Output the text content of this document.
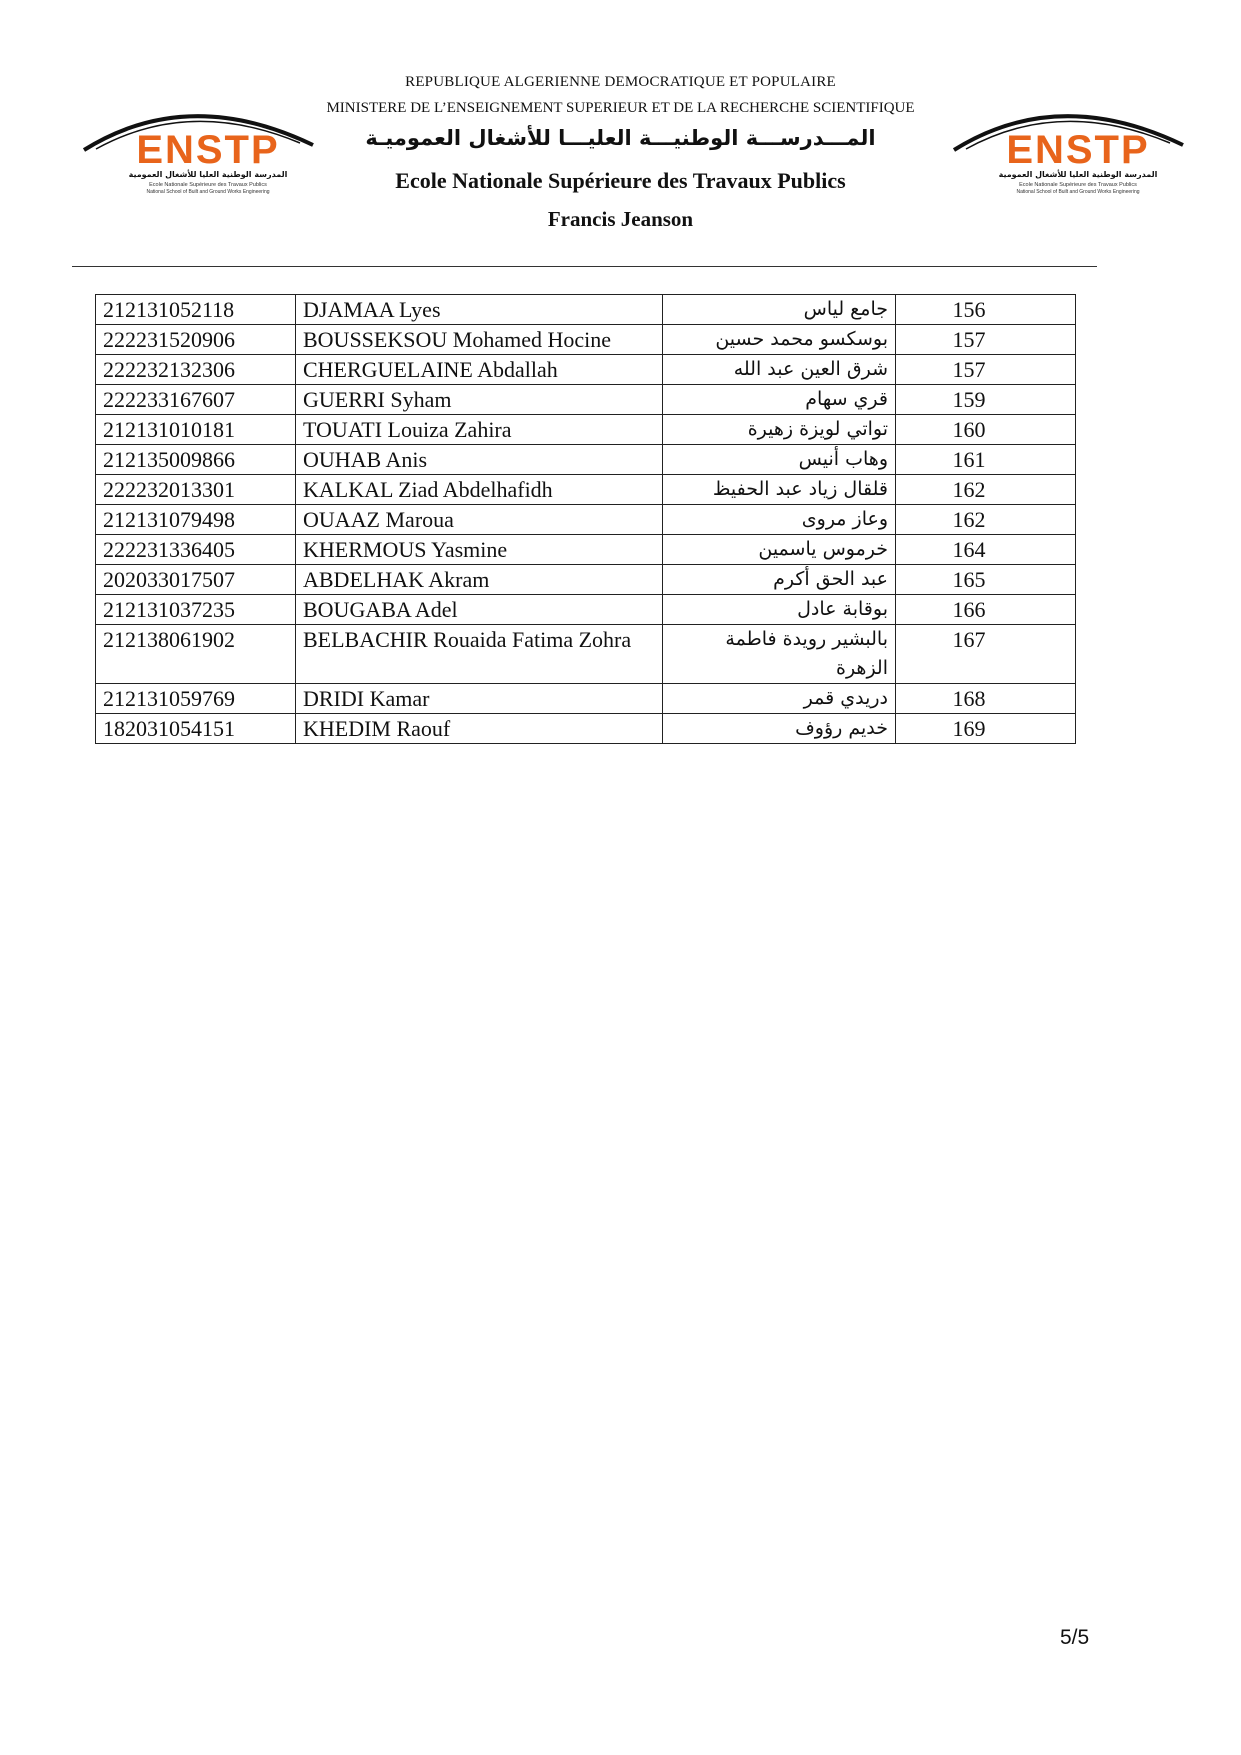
ENSTP
المدرسة الوطنية العليا للأشغال العمومية
Ecole Nationale Supérieure des Travaux Publics
National School of Built and Ground Works Engineering
ENSTP
المدرسة الوطنية العليا للأشغال العمومية
Ecole Nationale Supérieure des Travaux Publics
National School of Built and Ground Works Engineering
REPUBLIQUE ALGERIENNE DEMOCRATIQUE ET POPULAIRE
MINISTERE DE L’ENSEIGNEMENT SUPERIEUR ET DE LA RECHERCHE SCIENTIFIQUE
المـــدرســـة الوطنيـــة العليـــا للأشغال العموميـة
Ecole Nationale Supérieure des Travaux Publics
Francis Jeanson
212131052118	DJAMAA Lyes	جامع لياس	156
222231520906	BOUSSEKSOU Mohamed Hocine	بوسكسو محمد حسين	157
222232132306	CHERGUELAINE Abdallah	شرق العين عبد الله	157
222233167607	GUERRI Syham	قري سهام	159
212131010181	TOUATI Louiza Zahira	تواتي لويزة زهيرة	160
212135009866	OUHAB Anis	وهاب أنيس	161
222232013301	KALKAL Ziad Abdelhafidh	قلقال زياد عبد الحفيظ	162
212131079498	OUAAZ Maroua	وعاز مروى	162
222231336405	KHERMOUS Yasmine	خرموس ياسمين	164
202033017507	ABDELHAK Akram	عبد الحق أكرم	165
212131037235	BOUGABA Adel	بوقابة عادل	166
212138061902	BELBACHIR Rouaida Fatima Zohra	بالبشير رويدة فاطمة الزهرة	167
212131059769	DRIDI Kamar	دريدي قمر	168
182031054151	KHEDIM Raouf	خديم رؤوف	169
5/5
